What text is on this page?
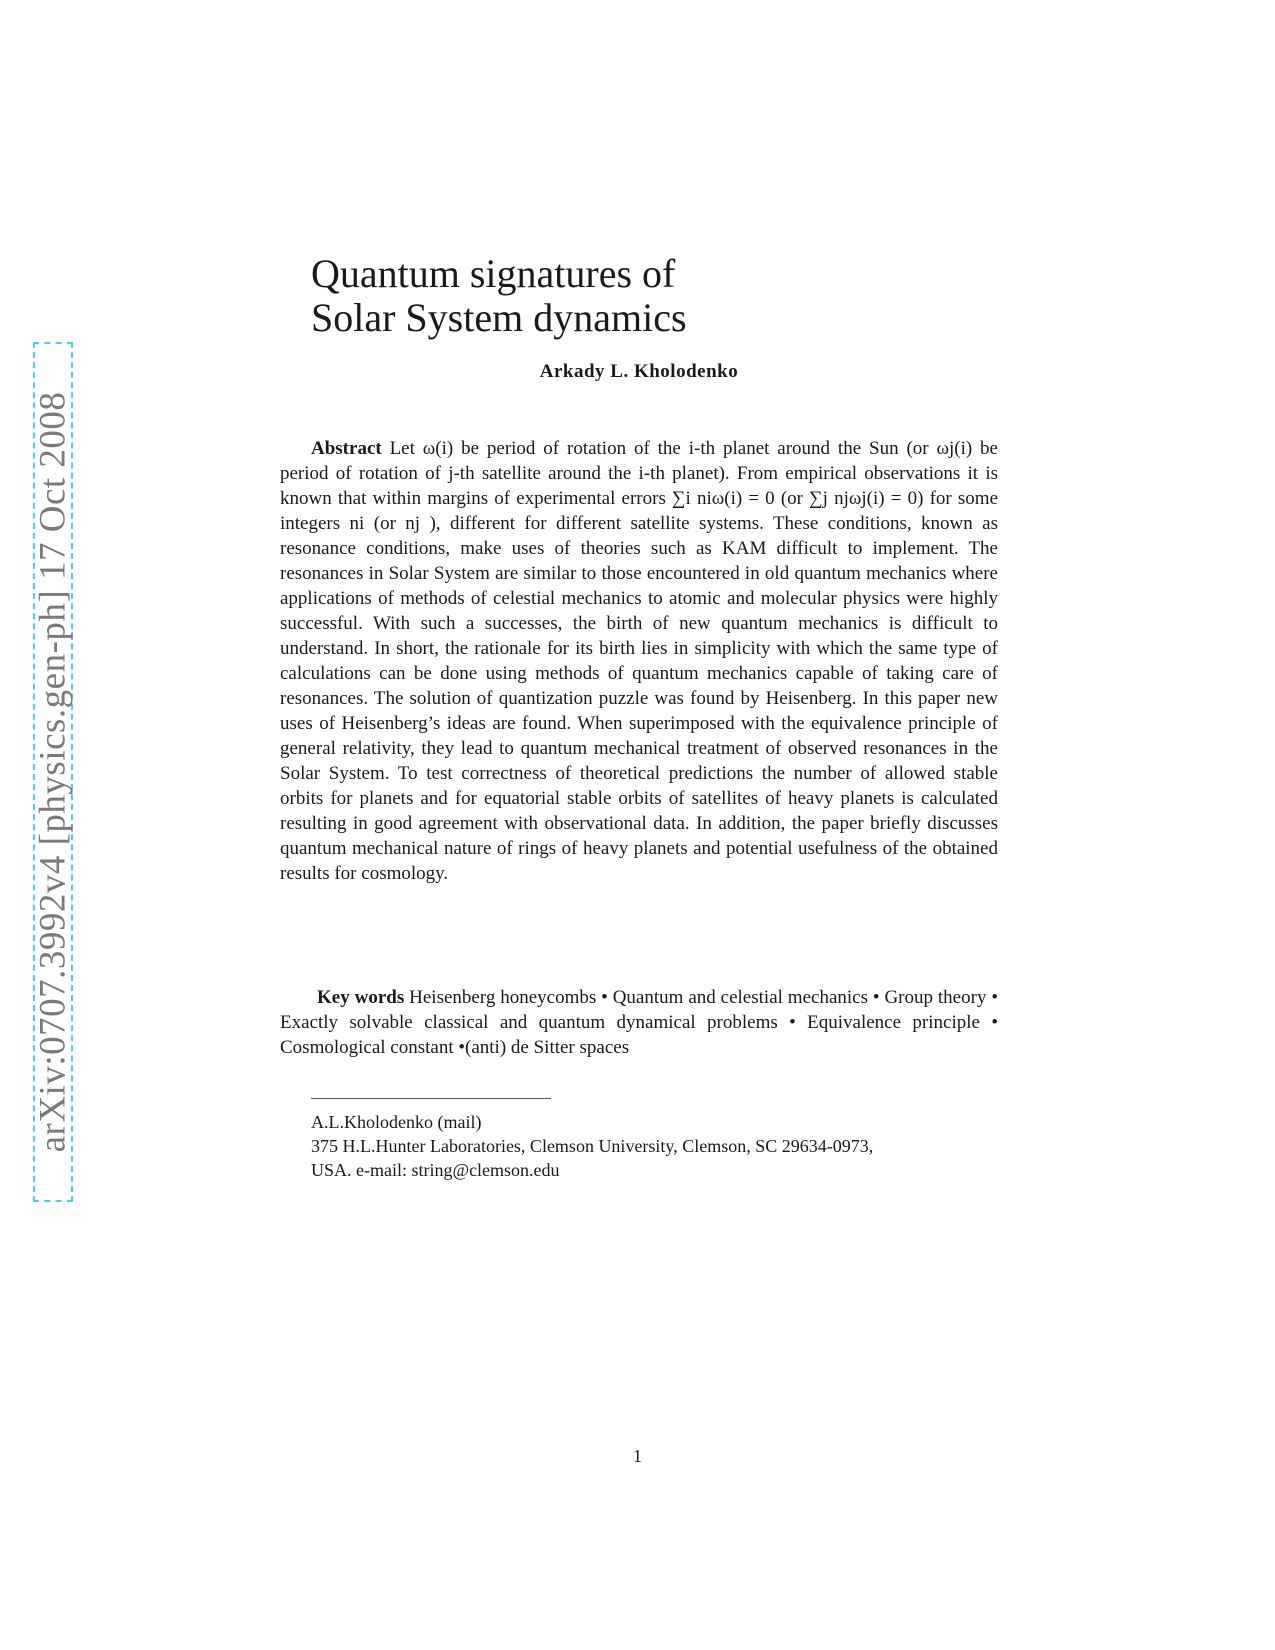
arXiv:0707.3992v4 [physics.gen-ph] 17 Oct 2008
Quantum signatures of
Solar System dynamics
Arkady L. Kholodenko

Abstract Let ω(i) be period of rotation of the i-th planet around the Sun (or ωj(i) be period of rotation of j-th satellite around the i-th planet). From empirical observations it is known that within margins of experimental errors ∑i niω(i) = 0 (or ∑j njωj(i) = 0) for some integers ni (or nj ), different for different satellite systems. These conditions, known as resonance conditions, make uses of theories such as KAM difficult to implement. The resonances in Solar System are similar to those encountered in old quantum mechanics where applications of methods of celestial mechanics to atomic and molecular physics were highly successful. With such a successes, the birth of new quantum mechanics is difficult to understand. In short, the rationale for its birth lies in simplicity with which the same type of calculations can be done using methods of quantum mechanics capable of taking care of resonances. The solution of quantization puzzle was found by Heisenberg. In this paper new uses of Heisenberg’s ideas are found. When superimposed with the equivalence principle of general relativity, they lead to quantum mechanical treatment of observed resonances in the Solar System. To test correctness of theoretical predictions the number of allowed stable orbits for planets and for equatorial stable orbits of satellites of heavy planets is calculated resulting in good agreement with observational data. In addition, the paper briefly discusses quantum mechanical nature of rings of heavy planets and potential usefulness of the obtained results for cosmology.

Key words Heisenberg honeycombs • Quantum and celestial mechanics • Group theory • Exactly solvable classical and quantum dynamical problems • Equivalence principle • Cosmological constant •(anti) de Sitter spaces

A.L.Kholodenko (mail)
375 H.L.Hunter Laboratories, Clemson University, Clemson, SC 29634-0973,
USA. e-mail: string@clemson.edu
1
